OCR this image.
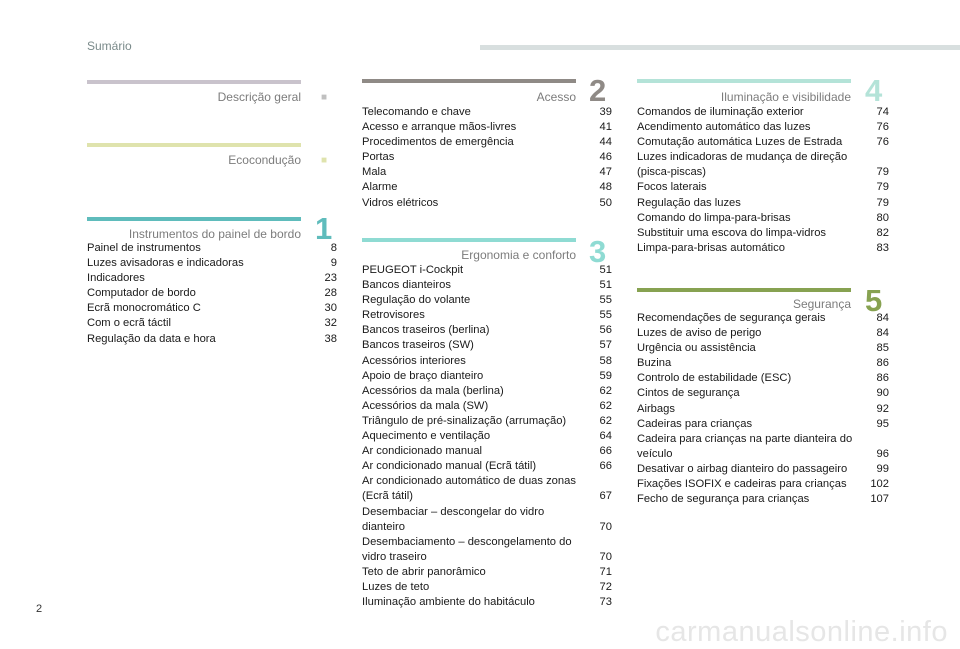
Sumário
Descrição geral ■
Ecocondução ■
Instrumentos do painel de bordo 1
Painel de instrumentos	8
Luzes avisadoras e indicadoras	9
Indicadores	23
Computador de bordo	28
Ecrã monocromático C	30
Com o ecrã táctil	32
Regulação da data e hora	38
Acesso 2
Telecomando e chave	39
Acesso e arranque mãos-livres	41
Procedimentos de emergência	44
Portas	46
Mala	47
Alarme	48
Vidros elétricos	50
Ergonomia e conforto 3
PEUGEOT i-Cockpit	51
Bancos dianteiros	51
Regulação do volante	55
Retrovisores	55
Bancos traseiros (berlina)	56
Bancos traseiros (SW)	57
Acessórios interiores	58
Apoio de braço dianteiro	59
Acessórios da mala (berlina)	62
Acessórios da mala (SW)	62
Triângulo de pré-sinalização (arrumação)	62
Aquecimento e ventilação	64
Ar condicionado manual	66
Ar condicionado manual (Ecrã tátil)	66
Ar condicionado automático de duas zonas (Ecrã tátil)	67
Desembaciar – descongelar do vidro dianteiro	70
Desembaciamento – descongelamento do vidro traseiro	70
Teto de abrir panorâmico	71
Luzes de teto	72
Iluminação ambiente do habitáculo	73
Iluminação e visibilidade 4
Comandos de iluminação exterior	74
Acendimento automático das luzes	76
Comutação automática Luzes de Estrada	76
Luzes indicadoras de mudança de direção (pisca-piscas)	79
Focos laterais	79
Regulação das luzes	79
Comando do limpa-para-brisas	80
Substituir uma escova do limpa-vidros	82
Limpa-para-brisas automático	83
Segurança 5
Recomendações de segurança gerais	84
Luzes de aviso de perigo	84
Urgência ou assistência	85
Buzina	86
Controlo de estabilidade (ESC)	86
Cintos de segurança	90
Airbags	92
Cadeiras para crianças	95
Cadeira para crianças na parte dianteira do veículo	96
Desativar o airbag dianteiro do passageiro	99
Fixações ISOFIX e cadeiras para crianças	102
Fecho de segurança para crianças	107
2
carmanualsonline.info
